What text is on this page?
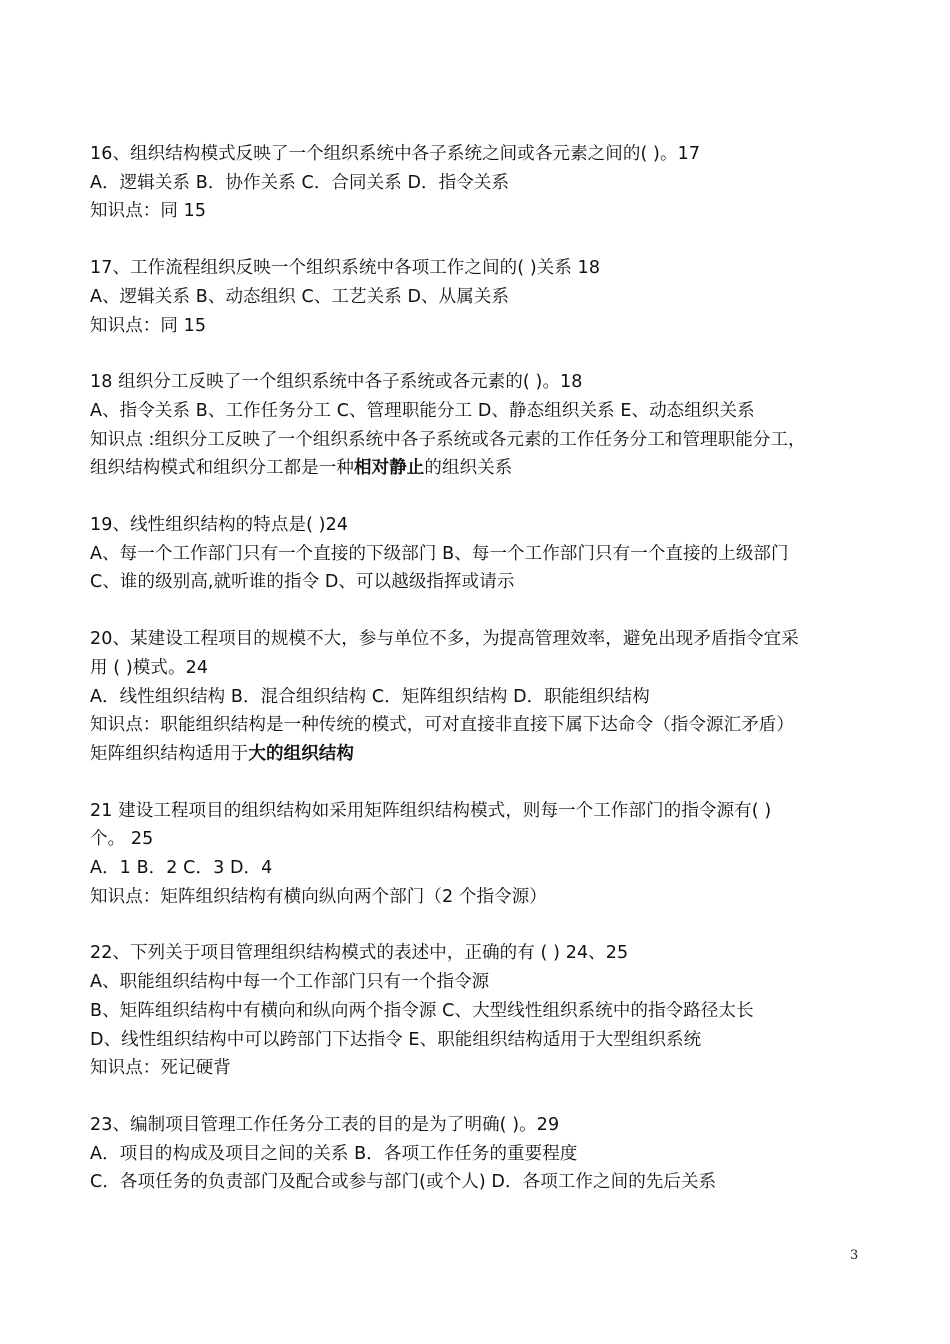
16、组织结构模式反映了一个组织系统中各子系统之间或各元素之间的( )。17
A．逻辑关系 B．协作关系 C．合同关系 D．指令关系
知识点：同 15
17、工作流程组织反映一个组织系统中各项工作之间的( )关系 18
A、逻辑关系 B、动态组织 C、工艺关系 D、从属关系
知识点：同 15
18 组织分工反映了一个组织系统中各子系统或各元素的( )。18
A、指令关系 B、工作任务分工 C、管理职能分工 D、静态组织关系 E、动态组织关系
知识点 :组织分工反映了一个组织系统中各子系统或各元素的工作任务分工和管理职能分工，
组织结构模式和组织分工都是一种相对静止的组织关系
19、线性组织结构的特点是( )24
A、每一个工作部门只有一个直接的下级部门 B、每一个工作部门只有一个直接的上级部门
C、谁的级别高,就听谁的指令 D、可以越级指挥或请示
20、某建设工程项目的规模不大，参与单位不多，为提高管理效率，避免出现矛盾指令宜采
用 ( )模式。24
A．线性组织结构 B．混合组织结构 C．矩阵组织结构 D．职能组织结构
知识点：职能组织结构是一种传统的模式，可对直接非直接下属下达命令（指令源汇矛盾）
矩阵组织结构适用于大的组织结构
21 建设工程项目的组织结构如采用矩阵组织结构模式，则每一个工作部门的指令源有( )
个。 25
A．1 B．2 C．3 D．4
知识点：矩阵组织结构有横向纵向两个部门（2 个指令源）
22、下列关于项目管理组织结构模式的表述中，正确的有 ( ) 24、25
A、职能组织结构中每一个工作部门只有一个指令源
B、矩阵组织结构中有横向和纵向两个指令源 C、大型线性组织系统中的指令路径太长
D、线性组织结构中可以跨部门下达指令 E、职能组织结构适用于大型组织系统
知识点：死记硬背
23、编制项目管理工作任务分工表的目的是为了明确( )。29
A．项目的构成及项目之间的关系 B．各项工作任务的重要程度
C．各项任务的负责部门及配合或参与部门(或个人) D．各项工作之间的先后关系
3
